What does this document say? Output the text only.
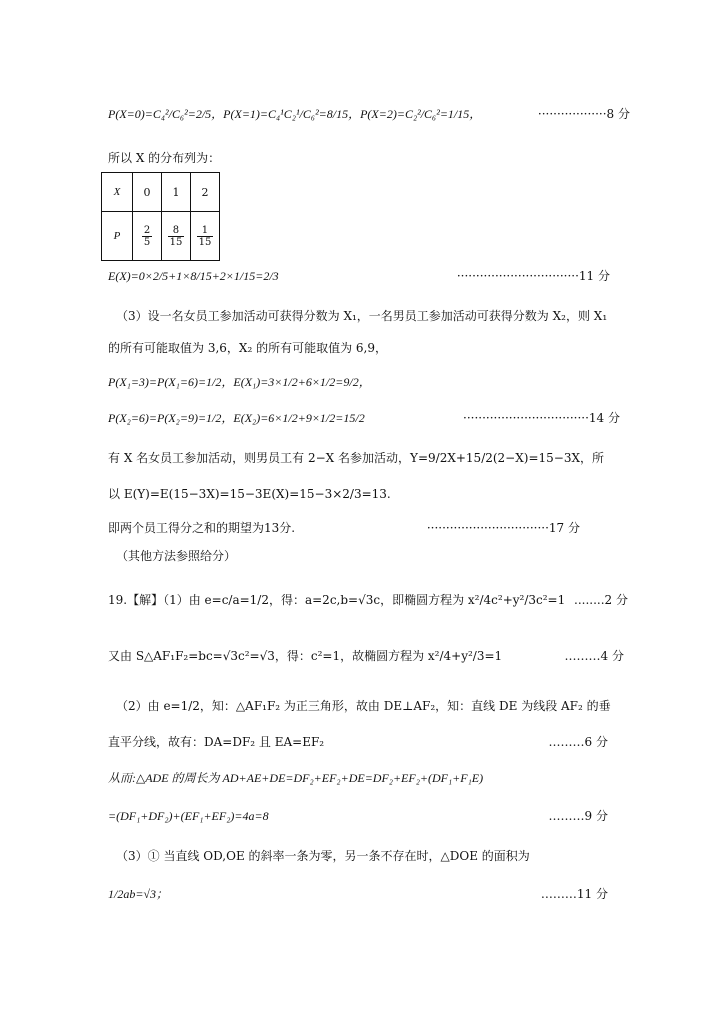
P(X=0)=C₄²/C₆²=2/5，P(X=1)=C₄¹C₂¹/C₆²=8/15，P(X=2)=C₂²/C₆²=1/15，	··················8 分
所以 X 的分布列为：
X	0	1	2
P	$\frac{2}{5}$	$\frac{8}{15}$	$\frac{1}{15}$
E(X)=0×2/5+1×8/15+2×1/15=2/3	································11 分
（3）设一名女员工参加活动可获得分数为 X₁，一名男员工参加活动可获得分数为 X₂，则 X₁
的所有可能取值为 3,6，X₂ 的所有可能取值为 6,9，
P(X₁=3)=P(X₁=6)=1/2，E(X₁)=3×1/2+6×1/2=9/2，
P(X₂=6)=P(X₂=9)=1/2，E(X₂)=6×1/2+9×1/2=15/2	·································14 分
有 X 名女员工参加活动，则男员工有 2−X 名参加活动，Y=9/2X+15/2(2−X)=15−3X，所
以 E(Y)=E(15−3X)=15−3E(X)=15−3×2/3=13.
即两个员工得分之和的期望为13分.	································17 分
（其他方法参照给分）
19.【解】（1）由 e=c/a=1/2，得：a=2c,b=√3c，即椭圆方程为 x²/4c²+y²/3c²=1 ........2 分
又由 S△AF₁F₂=bc=√3c²=√3，得：c²=1，故椭圆方程为 x²/4+y²/3=1	………4 分
（2）由 e=1/2，知：△AF₁F₂ 为正三角形，故由 DE⊥AF₂，知：直线 DE 为线段 AF₂ 的垂
直平分线，故有：DA=DF₂ 且 EA=EF₂	………6 分
从而:△ADE 的周长为 AD+AE+DE=DF₂+EF₂+DE=DF₂+EF₂+(DF₁+F₁E)
=(DF₁+DF₂)+(EF₁+EF₂)=4a=8	………9 分
（3）① 当直线 OD,OE 的斜率一条为零，另一条不存在时，△DOE 的面积为
1/2ab=√3；	………11 分
